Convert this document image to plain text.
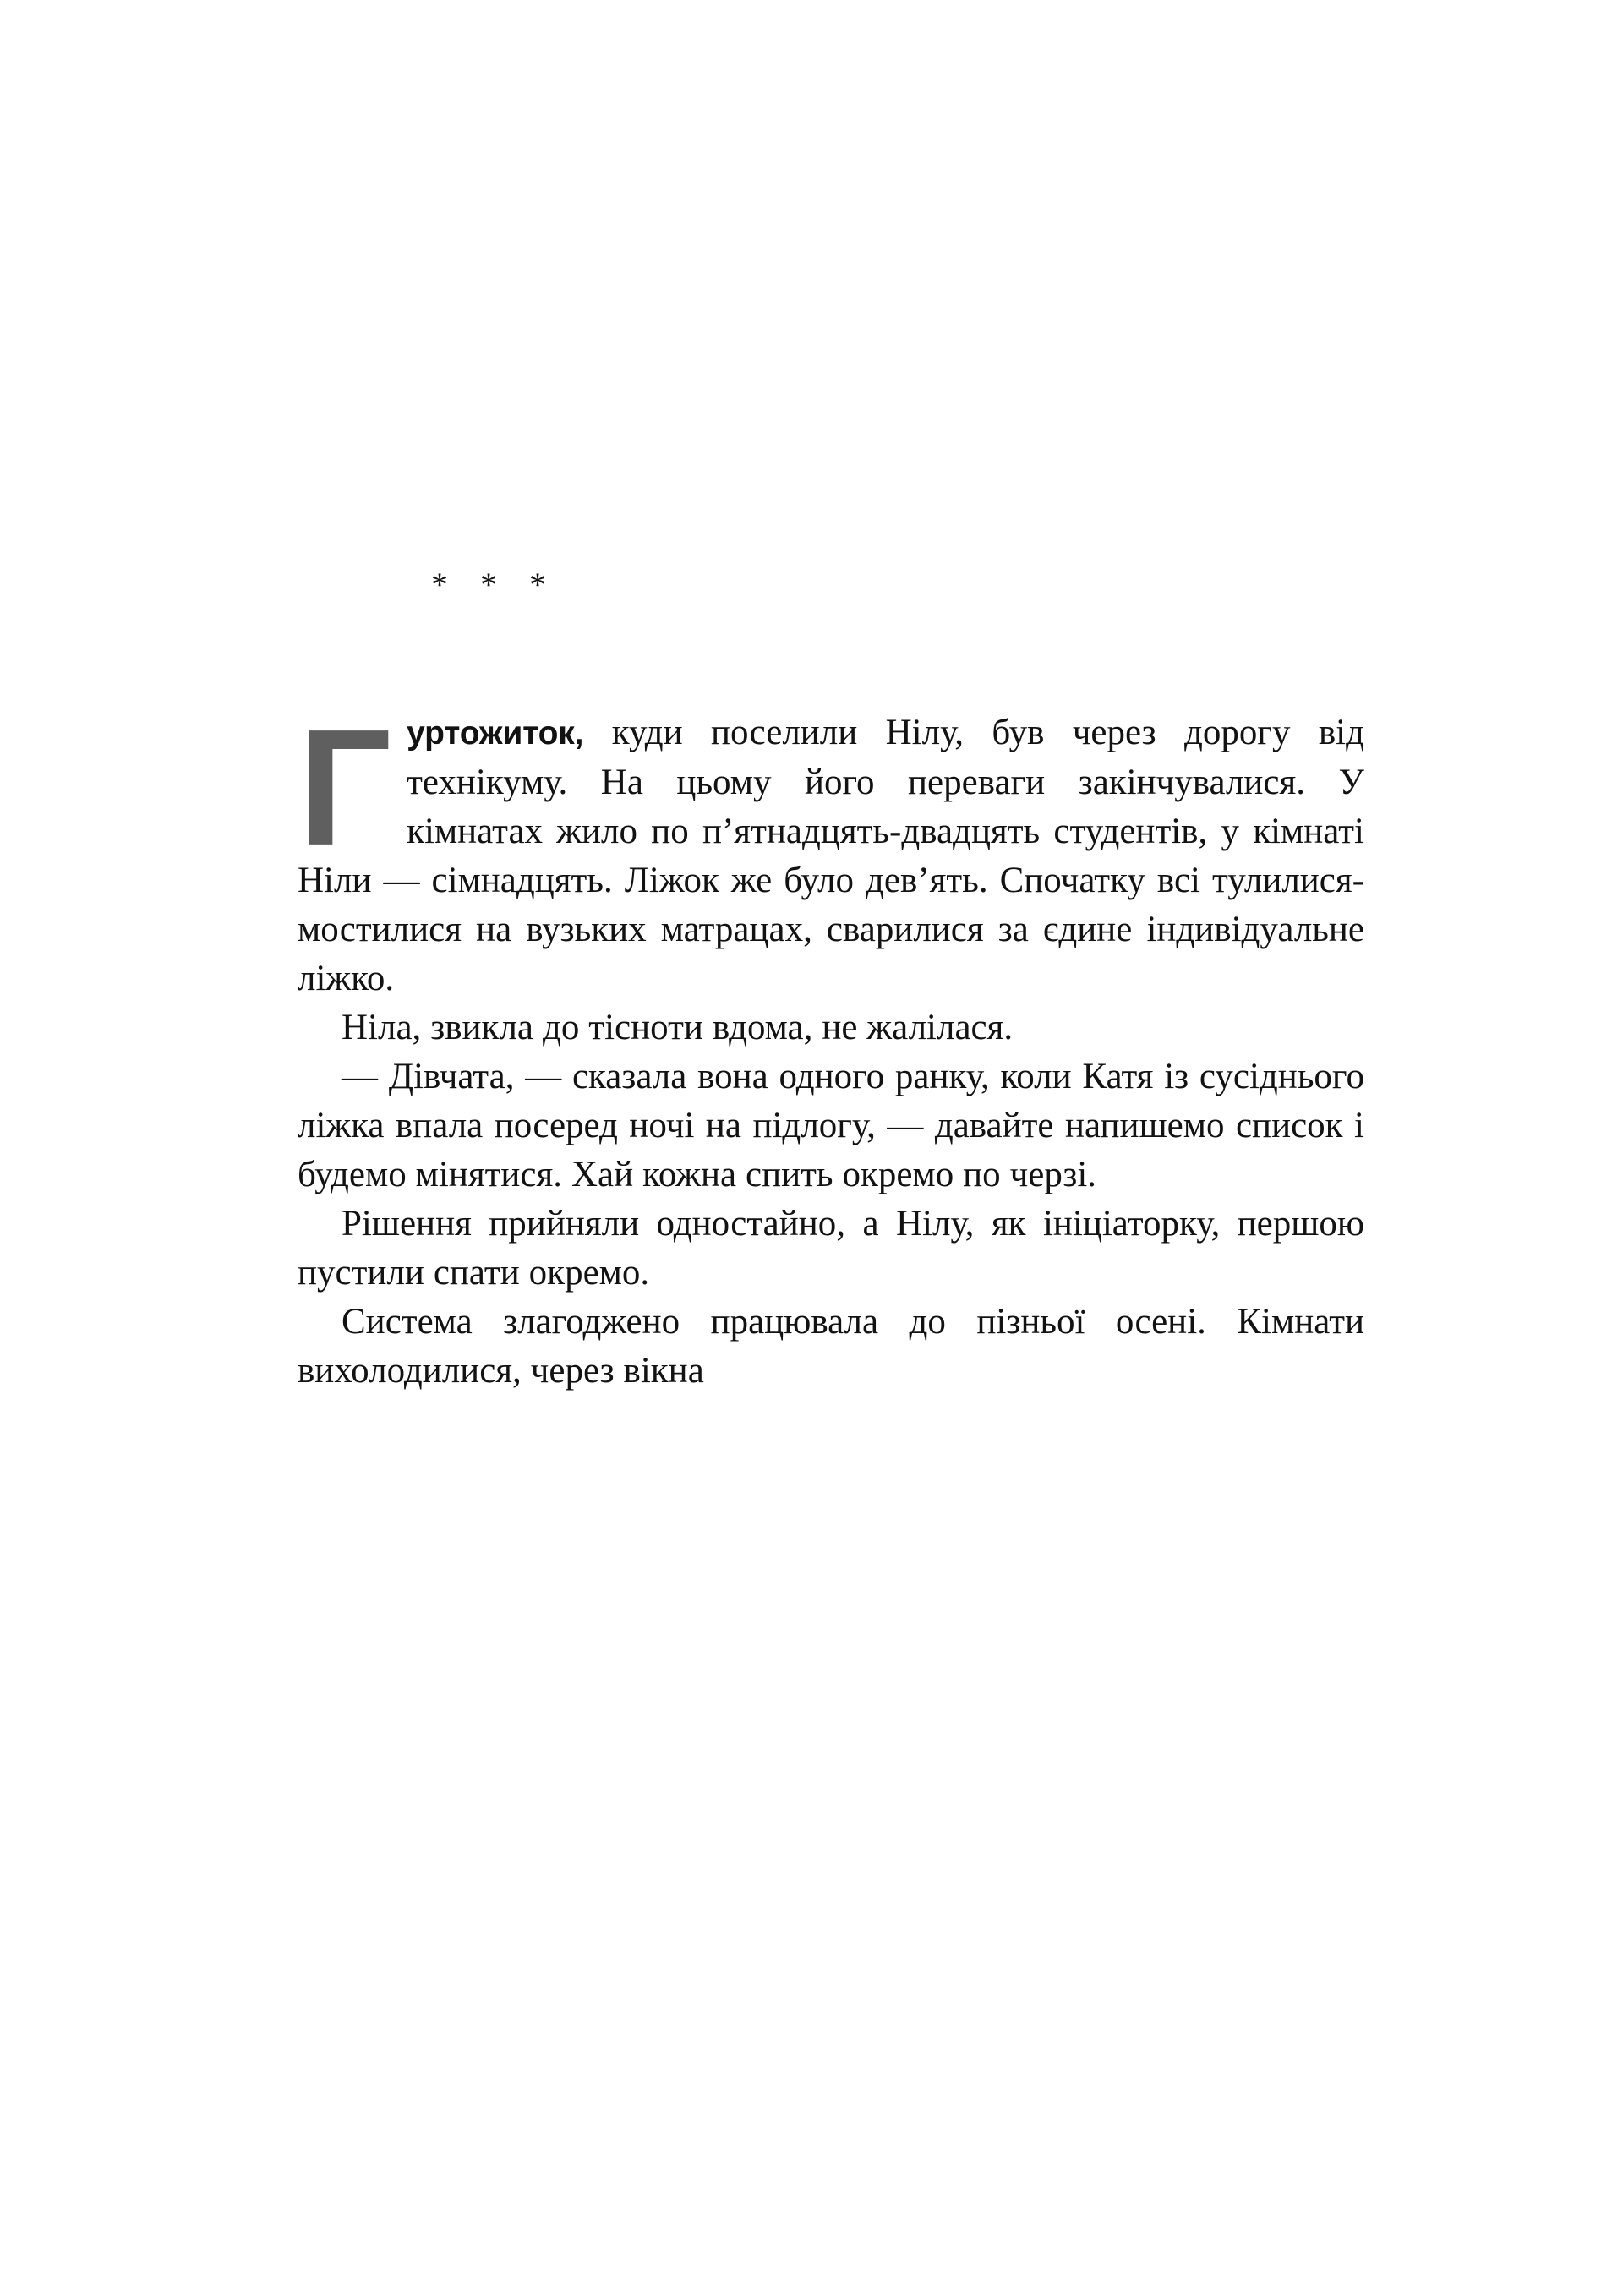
* * *

Гуртожиток, куди поселили Нілу, був через дорогу від технікуму. На цьому його переваги закінчувалися. У кімнатах жило по п’ятнадцять-двадцять студентів, у кімнаті Ніли — сімнадцять. Ліжок же було дев’ять. Спочатку всі тулилися-мостилися на вузьких матрацах, сварилися за єдине індивідуальне ліжко.

Ніла, звикла до тісноти вдома, не жалілася.

— Дівчата, — сказала вона одного ранку, коли Катя із сусіднього ліжка впала посеред ночі на підлогу, — давайте напишемо список і будемо мінятися. Хай кожна спить окремо по черзі.

Рішення прийняли одностайно, а Нілу, як ініціаторку, першою пустили спати окремо.

Система злагоджено працювала до пізньої осені. Кімнати вихолодилися, через вікна
